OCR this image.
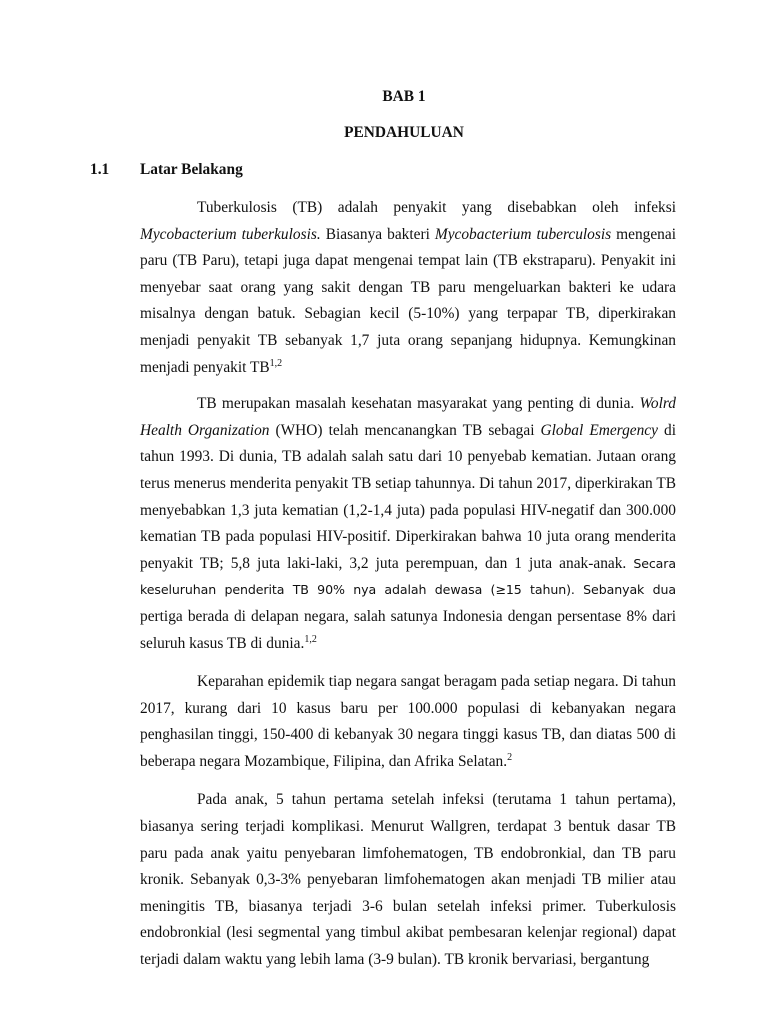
BAB 1
PENDAHULUAN
1.1 Latar Belakang

Tuberkulosis (TB) adalah penyakit yang disebabkan oleh infeksi Mycobacterium tuberkulosis. Biasanya bakteri Mycobacterium tuberculosis mengenai paru (TB Paru), tetapi juga dapat mengenai tempat lain (TB ekstraparu). Penyakit ini menyebar saat orang yang sakit dengan TB paru mengeluarkan bakteri ke udara misalnya dengan batuk. Sebagian kecil (5-10%) yang terpapar TB, diperkirakan menjadi penyakit TB sebanyak 1,7 juta orang sepanjang hidupnya. Kemungkinan menjadi penyakit TB$^{1,2}$

TB merupakan masalah kesehatan masyarakat yang penting di dunia. Wolrd Health Organization (WHO) telah mencanangkan TB sebagai Global Emergency di tahun 1993. Di dunia, TB adalah salah satu dari 10 penyebab kematian. Jutaan orang terus menerus menderita penyakit TB setiap tahunnya. Di tahun 2017, diperkirakan TB menyebabkan 1,3 juta kematian (1,2-1,4 juta) pada populasi HIV-negatif dan 300.000 kematian TB pada populasi HIV-positif. Diperkirakan bahwa 10 juta orang menderita penyakit TB; 5,8 juta laki-laki, 3,2 juta perempuan, dan 1 juta anak-anak. Secara keseluruhan penderita TB 90% nya adalah dewasa (≥15 tahun). Sebanyak dua pertiga berada di delapan negara, salah satunya Indonesia dengan persentase 8% dari seluruh kasus TB di dunia.$^{1,2}$

Keparahan epidemik tiap negara sangat beragam pada setiap negara. Di tahun 2017, kurang dari 10 kasus baru per 100.000 populasi di kebanyakan negara penghasilan tinggi, 150-400 di kebanyak 30 negara tinggi kasus TB, dan diatas 500 di beberapa negara Mozambique, Filipina, dan Afrika Selatan.$^2$

Pada anak, 5 tahun pertama setelah infeksi (terutama 1 tahun pertama), biasanya sering terjadi komplikasi. Menurut Wallgren, terdapat 3 bentuk dasar TB paru pada anak yaitu penyebaran limfohematogen, TB endobronkial, dan TB paru kronik. Sebanyak 0,3-3% penyebaran limfohematogen akan menjadi TB milier atau meningitis TB, biasanya terjadi 3-6 bulan setelah infeksi primer. Tuberkulosis endobronkial (lesi segmental yang timbul akibat pembesaran kelenjar regional) dapat terjadi dalam waktu yang lebih lama (3-9 bulan). TB kronik bervariasi, bergantung
